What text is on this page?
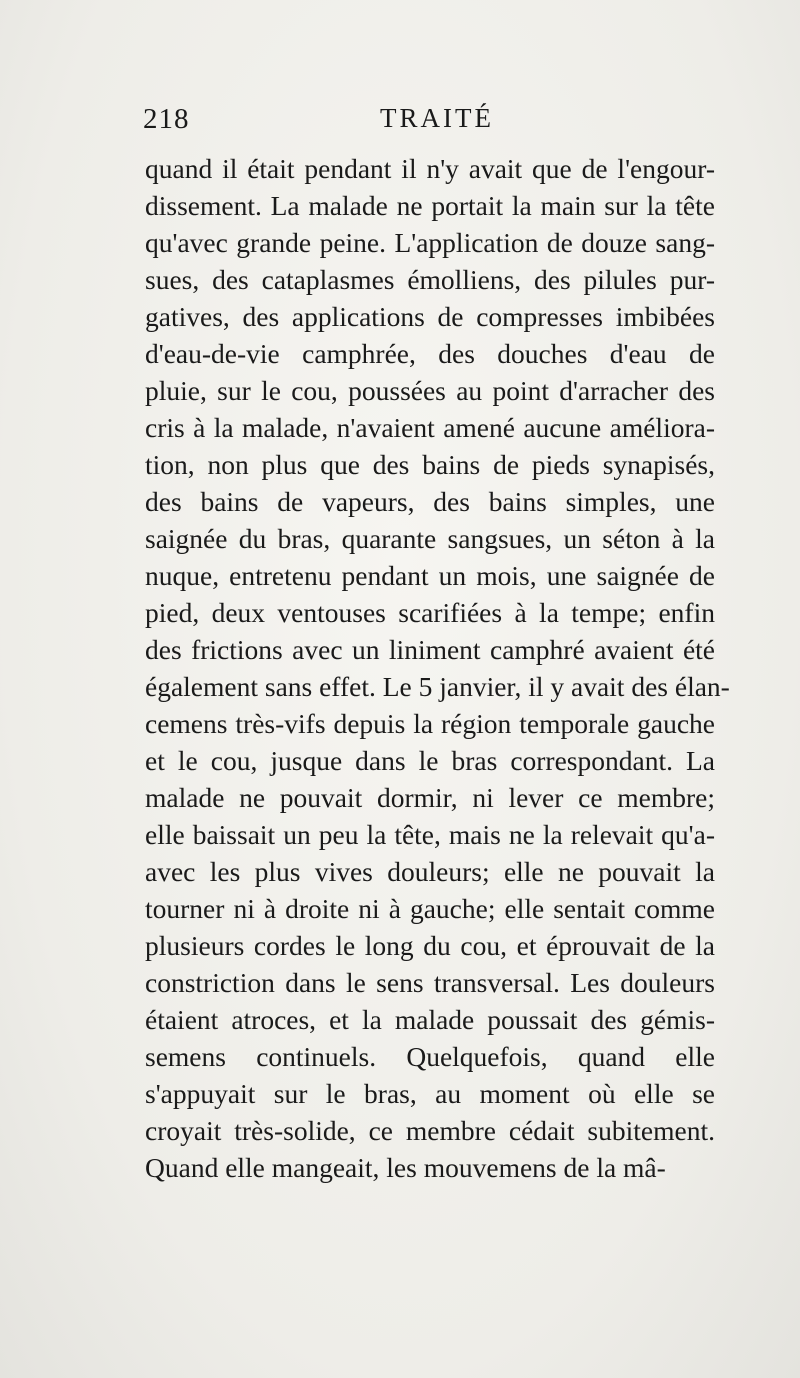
218	TRAITÉ
quand il était pendant il n'y avait que de l'engour-
dissement. La malade ne portait la main sur la tête
qu'avec grande peine. L'application de douze sang-
sues, des cataplasmes émolliens, des pilules pur-
gatives, des applications de compresses imbibées
d'eau-de-vie camphrée, des douches d'eau de
pluie, sur le cou, poussées au point d'arracher des
cris à la malade, n'avaient amené aucune améliora-
tion, non plus que des bains de pieds synapisés,
des bains de vapeurs, des bains simples, une
saignée du bras, quarante sangsues, un séton à la
nuque, entretenu pendant un mois, une saignée de
pied, deux ventouses scarifiées à la tempe; enfin
des frictions avec un liniment camphré avaient été
également sans effet. Le 5 janvier, il y avait des élan-
cemens très-vifs depuis la région temporale gauche
et le cou, jusque dans le bras correspondant. La
malade ne pouvait dormir, ni lever ce membre;
elle baissait un peu la tête, mais ne la relevait qu'a-
avec les plus vives douleurs; elle ne pouvait la
tourner ni à droite ni à gauche; elle sentait comme
plusieurs cordes le long du cou, et éprouvait de la
constriction dans le sens transversal. Les douleurs
étaient atroces, et la malade poussait des gémis-
semens continuels. Quelquefois, quand elle
s'appuyait sur le bras, au moment où elle se
croyait très-solide, ce membre cédait subitement.
Quand elle mangeait, les mouvemens de la mâ-
